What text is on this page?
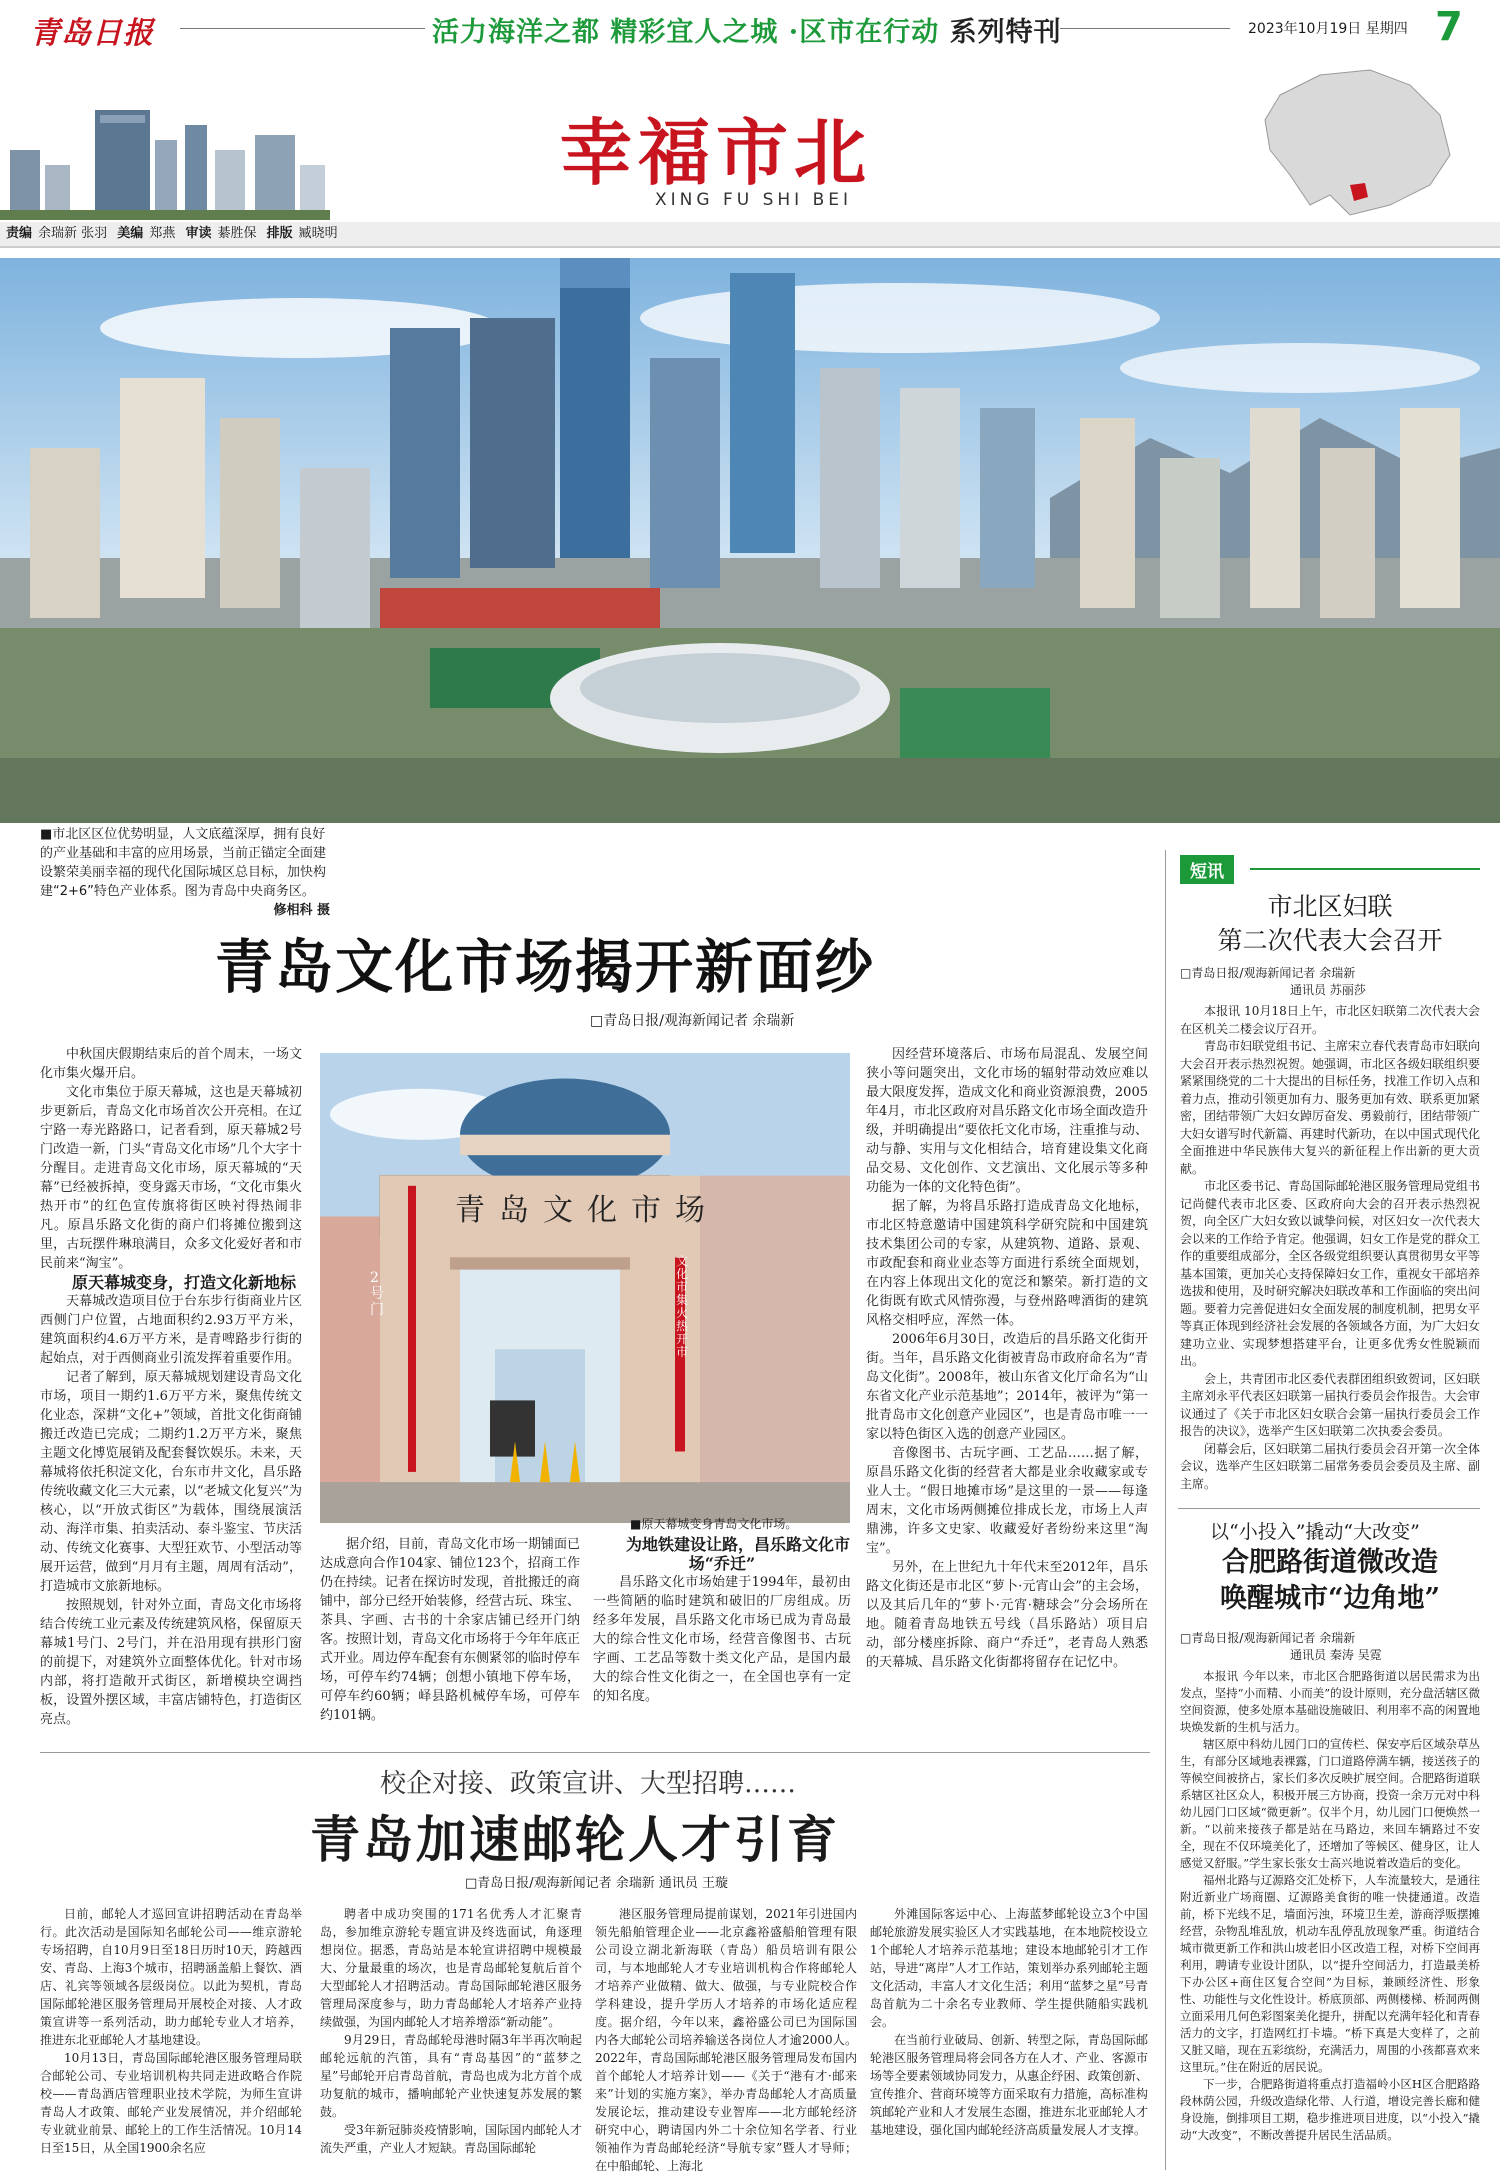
青岛日报	活力海洋之都 精彩宜人之城 ·区市在行动 系列特刊	2023年10月19日 星期四 7
幸福市北
XING FU SHI BEI
责编 余瑞新 张羽 美编 郑燕 审读 綦胜保 排版 臧晓明
■市北区区位优势明显，人文底蕴深厚，拥有良好的产业基础和丰富的应用场景，当前正锚定全面建设繁荣美丽幸福的现代化国际城区总目标，加快构建“2+6”特色产业体系。图为青岛中央商务区。
修相科 摄
青岛文化市场揭开新面纱
□青岛日报/观海新闻记者 余瑞新

中秋国庆假期结束后的首个周末，一场文化市集火爆开启。

文化市集位于原天幕城，这也是天幕城初步更新后，青岛文化市场首次公开亮相。在辽宁路一寿光路路口，记者看到，原天幕城2号门改造一新，门头“青岛文化市场”几个大字十分醒目。走进青岛文化市场，原天幕城的“天幕”已经被拆掉，变身露天市场，“文化市集火热开市”的红色宣传旗将街区映衬得热闹非凡。原昌乐路文化街的商户们将摊位搬到这里，古玩摆件琳琅满目，众多文化爱好者和市民前来“淘宝”。

原天幕城变身，打造文化新地标

天幕城改造项目位于台东步行街商业片区西侧门户位置，占地面积约2.93万平方米，建筑面积约4.6万平方米，是青啤路步行街的起始点，对于西侧商业引流发挥着重要作用。

记者了解到，原天幕城规划建设青岛文化市场，项目一期约1.6万平方米，聚焦传统文化业态，深耕“文化+”领域，首批文化街商铺搬迁改造已完成；二期约1.2万平方米，聚焦主题文化博览展销及配套餐饮娱乐。未来，天幕城将依托积淀文化，台东市井文化，昌乐路传统收藏文化三大元素，以“老城文化复兴”为核心，以“开放式街区”为载体，围绕展演活动、海洋市集、拍卖活动、泰斗鉴宝、节庆活动、传统文化赛事、大型狂欢节、小型活动等展开运营，做到“月月有主题，周周有活动”，打造城市文旅新地标。

按照规划，针对外立面，青岛文化市场将结合传统工业元素及传统建筑风格，保留原天幕城1号门、2号门，并在沿用现有拱形门窗的前提下，对建筑外立面整体优化。针对市场内部，将打造敞开式街区，新增模块空调挡板，设置外摆区域，丰富店铺特色，打造街区亮点。

青岛文化市场
2号门
文化市集火热开市
■原天幕城变身青岛文化市场。

据介绍，目前，青岛文化市场一期铺面已达成意向合作104家、铺位123个，招商工作仍在持续。记者在探访时发现，首批搬迁的商铺中，部分已经开始装修，经营古玩、珠宝、茶具、字画、古书的十余家店铺已经开门纳客。按照计划，青岛文化市场将于今年年底正式开业。周边停车配套有东侧紧邻的临时停车场，可停车约74辆；创想小镇地下停车场，可停车约60辆；峄县路机械停车场，可停车约101辆。

为地铁建设让路，昌乐路文化市场“乔迁”

昌乐路文化市场始建于1994年，最初由一些简陋的临时建筑和破旧的厂房组成。历经多年发展，昌乐路文化市场已成为青岛最大的综合性文化市场，经营音像图书、古玩字画、工艺品等数十类文化产品，是国内最大的综合性文化街之一，在全国也享有一定的知名度。

因经营环境落后、市场布局混乱、发展空间狭小等问题突出，文化市场的辐射带动效应难以最大限度发挥，造成文化和商业资源浪费，2005年4月，市北区政府对昌乐路文化市场全面改造升级，并明确提出“要依托文化市场，注重推与动、动与静、实用与文化相结合，培育建设集文化商品交易、文化创作、文艺演出、文化展示等多种功能为一体的文化特色街”。

据了解，为将昌乐路打造成青岛文化地标，市北区特意邀请中国建筑科学研究院和中国建筑技术集团公司的专家，从建筑物、道路、景观、市政配套和商业业态等方面进行系统全面规划，在内容上体现出文化的宽泛和繁荣。新打造的文化街既有欧式风情弥漫，与登州路啤酒街的建筑风格交相呼应，浑然一体。

2006年6月30日，改造后的昌乐路文化街开街。当年，昌乐路文化街被青岛市政府命名为“青岛文化街”。2008年，被山东省文化厅命名为“山东省文化产业示范基地”；2014年，被评为“第一批青岛市文化创意产业园区”，也是青岛市唯一一家以特色街区入选的创意产业园区。

音像图书、古玩字画、工艺品……据了解，原昌乐路文化街的经营者大都是业余收藏家或专业人士。“假日地摊市场”是这里的一景——每逢周末，文化市场两侧摊位排成长龙，市场上人声鼎沸，许多文史家、收藏爱好者纷纷来这里“淘宝”。

另外，在上世纪九十年代末至2012年，昌乐路文化街还是市北区“萝卜·元宵山会”的主会场，以及其后几年的“萝卜·元宵·糖球会”分会场所在地。随着青岛地铁五号线（昌乐路站）项目启动，部分楼座拆除、商户“乔迁”，老青岛人熟悉的天幕城、昌乐路文化街都将留存在记忆中。

校企对接、政策宣讲、大型招聘……
青岛加速邮轮人才引育
□青岛日报/观海新闻记者 余瑞新 通讯员 王璇

日前，邮轮人才巡回宣讲招聘活动在青岛举行。此次活动是国际知名邮轮公司——维京游轮专场招聘，自10月9日至18日历时10天，跨越西安、青岛、上海3个城市，招聘涵盖船上餐饮、酒店、礼宾等领域各层级岗位。以此为契机，青岛国际邮轮港区服务管理局开展校企对接、人才政策宣讲等一系列活动，助力邮轮专业人才培养，推进东北亚邮轮人才基地建设。

10月13日，青岛国际邮轮港区服务管理局联合邮轮公司、专业培训机构共同走进政略合作院校——青岛酒店管理职业技术学院，为师生宣讲青岛人才政策、邮轮产业发展情况，并介绍邮轮专业就业前景、邮轮上的工作生活情况。10月14日至15日，从全国1900余名应

聘者中成功突围的171名优秀人才汇聚青岛，参加维京游轮专题宣讲及终选面试，角逐理想岗位。据悉，青岛站是本轮宣讲招聘中规模最大、分量最重的场次，也是青岛邮轮复航后首个大型邮轮人才招聘活动。青岛国际邮轮港区服务管理局深度参与，助力青岛邮轮人才培养产业持续做强，为国内邮轮人才培养增添“新动能”。

9月29日，青岛邮轮母港时隔3年半再次响起邮轮远航的汽笛，具有“青岛基因”的“蓝梦之星”号邮轮开启青岛首航，青岛也成为北方首个成功复航的城市，播响邮轮产业快速复苏发展的繁鼓。

受3年新冠肺炎疫情影响，国际国内邮轮人才流失严重，产业人才短缺。青岛国际邮轮

港区服务管理局提前谋划，2021年引进国内领先船舶管理企业——北京鑫裕盛船舶管理有限公司设立湖北新海联（青岛）船员培训有限公司，与本地邮轮人才专业培训机构合作将邮轮人才培养产业做精、做大、做强，与专业院校合作学科建设，提升学历人才培养的市场化适应程度。据介绍，今年以来，鑫裕盛公司已为国际国内各大邮轮公司培养输送各岗位人才逾2000人。2022年，青岛国际邮轮港区服务管理局发布国内首个邮轮人才培养计划——《关于“港有才·邮来来”计划的实施方案》，举办青岛邮轮人才高质量发展论坛，推动建设专业智库——北方邮轮经济研究中心，聘请国内外二十余位知名学者、行业领袖作为青岛邮轮经济“导航专家”暨人才导师；在中船邮轮、上海北

外滩国际客运中心、上海蓝梦邮轮设立3个中国邮轮旅游发展实验区人才实践基地，在本地院校设立1个邮轮人才培养示范基地；建设本地邮轮引才工作站，导进“离岸”人才工作站，策划举办系列邮轮主题文化活动，丰富人才文化生活；利用“蓝梦之星”号青岛首航为二十余名专业教师、学生提供随船实践机会。

在当前行业破局、创新、转型之际，青岛国际邮轮港区服务管理局将会同各方在人才、产业、客源市场等全要素领域协同发力，从惠企纾困、政策创新、宣传推介、营商环境等方面采取有力措施，高标准构筑邮轮产业和人才发展生态圈，推进东北亚邮轮人才基地建设，强化国内邮轮经济高质量发展人才支撑。

短讯
市北区妇联
第二次代表大会召开
□青岛日报/观海新闻记者 余瑞新
通讯员 苏丽莎

本报讯 10月18日上午，市北区妇联第二次代表大会在区机关二楼会议厅召开。

青岛市妇联党组书记、主席宋立春代表青岛市妇联向大会召开表示热烈祝贺。她强调，市北区各级妇联组织要紧紧围绕党的二十大提出的目标任务，找准工作切入点和着力点，推动引领更加有力、服务更加有效、联系更加紧密，团结带领广大妇女踔厉奋发、勇毅前行，团结带领广大妇女谱写时代新篇、再建时代新功，在以中国式现代化全面推进中华民族伟大复兴的新征程上作出新的更大贡献。

市北区委书记、青岛国际邮轮港区服务管理局党组书记尚健代表市北区委、区政府向大会的召开表示热烈祝贺，向全区广大妇女致以诚挚问候，对区妇女一次代表大会以来的工作给予肯定。他强调，妇女工作是党的群众工作的重要组成部分，全区各级党组织要认真贯彻男女平等基本国策，更加关心支持保障妇女工作，重视女干部培养选拔和使用，及时研究解决妇联改革和工作面临的突出问题。要着力完善促进妇女全面发展的制度机制，把男女平等真正体现到经济社会发展的各领域各方面，为广大妇女建功立业、实现梦想搭建平台，让更多优秀女性脱颖而出。

会上，共青团市北区委代表群团组织致贺词，区妇联主席刘永平代表区妇联第一届执行委员会作报告。大会审议通过了《关于市北区妇女联合会第一届执行委员会工作报告的决议》，选举产生区妇联第二次执委会委员。

闭幕会后，区妇联第二届执行委员会召开第一次全体会议，选举产生区妇联第二届常务委员会委员及主席、副主席。

以“小投入”撬动“大改变”
合肥路街道微改造
唤醒城市“边角地”
□青岛日报/观海新闻记者 余瑞新
通讯员 秦涛 吴霓

本报讯 今年以来，市北区合肥路街道以居民需求为出发点，坚持“小而精、小而美”的设计原则，充分盘活辖区微空间资源，使多处原本基础设施破旧、利用率不高的闲置地块焕发新的生机与活力。

辖区原中科幼儿园门口的宣传栏、保安亭后区域杂草丛生，有部分区域地表裸露，门口道路停满车辆，接送孩子的等候空间被挤占，家长们多次反映扩展空间。合肥路街道联系辖区社区众人，积极开展三方协商，投资一余万元对中科幼儿园门口区域“微更新”。仅半个月，幼儿园门口便焕然一新。“以前来接孩子都是站在马路边，来回车辆路过不安全，现在不仅环境美化了，还增加了等候区、健身区，让人感觉又舒服。”学生家长张女士高兴地说着改造后的变化。

福州北路与辽源路交汇处桥下，人车流量较大，是通往附近新业广场商圈、辽源路美食街的唯一快捷通道。改造前，桥下光线不足，墙面污浊，环境卫生差，游商浮贩摆摊经营，杂物乱堆乱放，机动车乱停乱放现象严重。街道结合城市微更新工作和洪山坡老旧小区改造工程，对桥下空间再利用，聘请专业设计团队，以“提升空间活力，打造最美桥下办公区+商住区复合空间”为目标，兼顾经济性、形象性、功能性与文化性设计。桥底顶部、两侧楼梯、桥洞两侧立面采用几何色彩图案美化提升，拼配以充满年轻化和青春活力的文字，打造网红打卡墙。“桥下真是大变样了，之前又脏又暗，现在五彩缤纷，充满活力，周围的小孩都喜欢来这里玩。”住在附近的居民说。

下一步，合肥路街道将重点打造福岭小区H区合肥路路段林荫公园，升级改造绿化带、人行道，增设完善长廊和健身设施，倒排项目工期，稳步推进项目进度，以“小投入”撬动“大改变”，不断改善提升居民生活品质。
